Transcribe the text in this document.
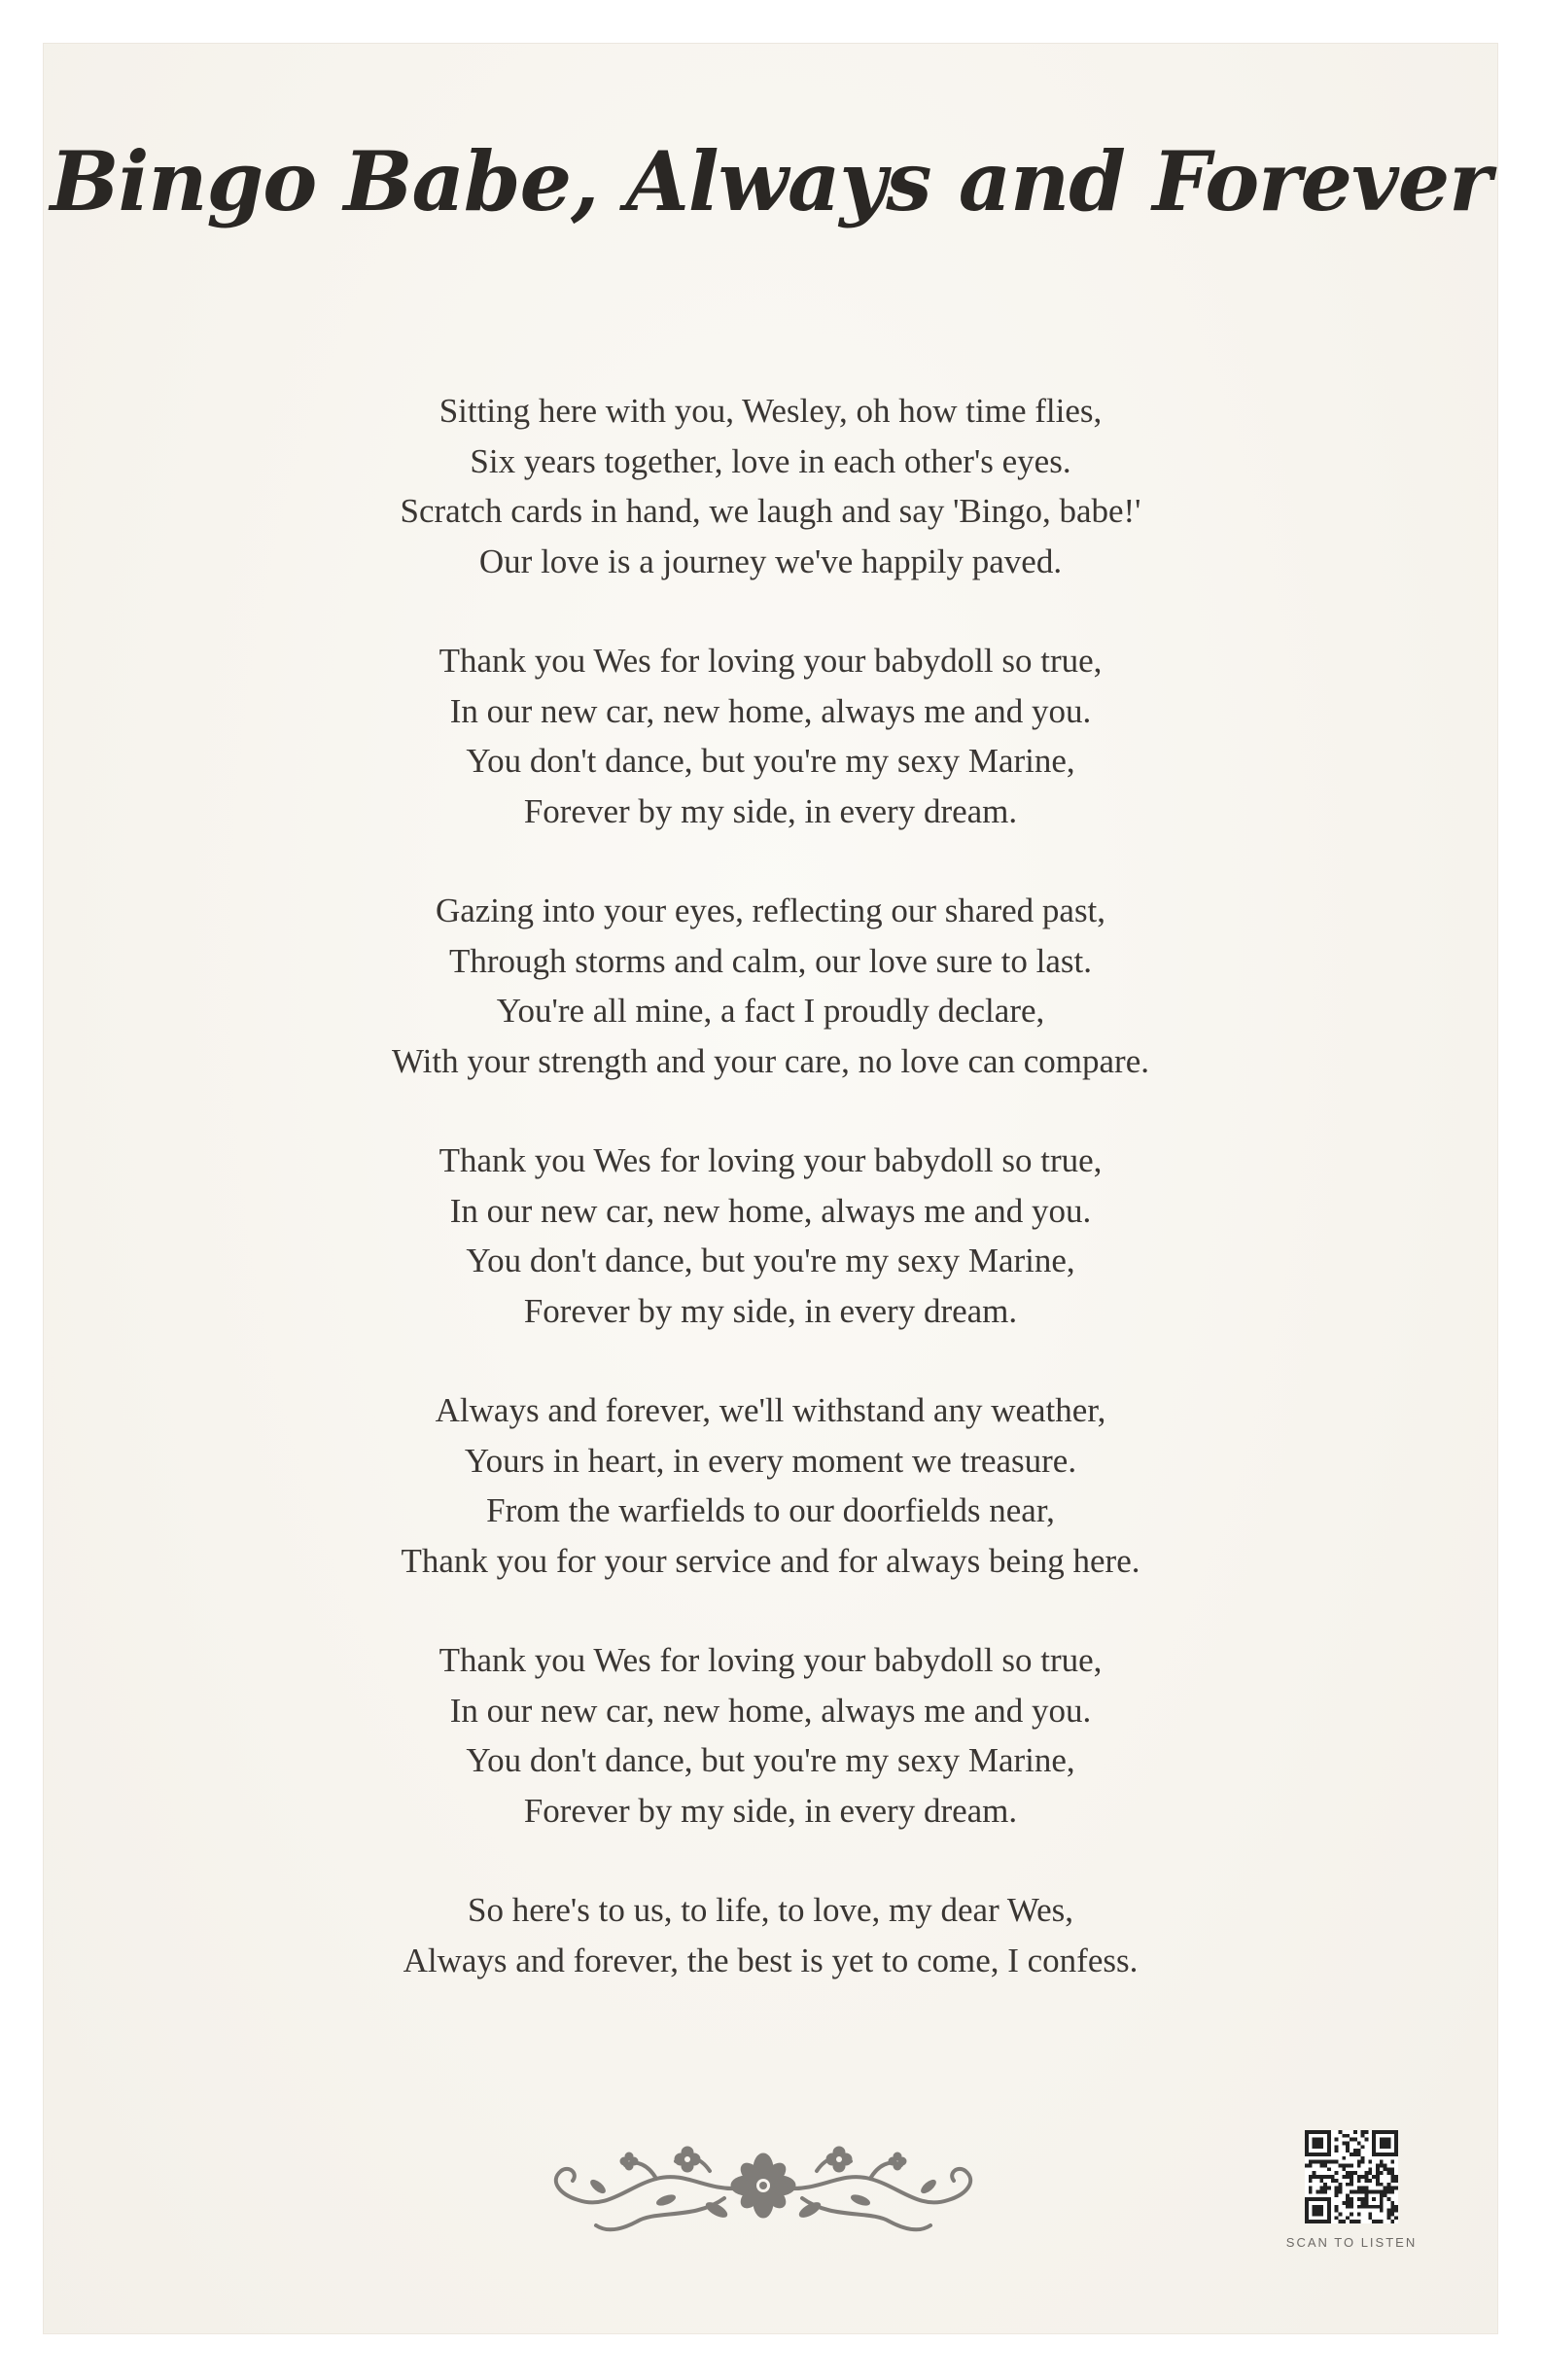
Bingo Babe, Always and Forever
Sitting here with you, Wesley, oh how time flies,
Six years together, love in each other's eyes.
Scratch cards in hand, we laugh and say 'Bingo, babe!'
Our love is a journey we've happily paved.
Thank you Wes for loving your babydoll so true,
In our new car, new home, always me and you.
You don't dance, but you're my sexy Marine,
Forever by my side, in every dream.
Gazing into your eyes, reflecting our shared past,
Through storms and calm, our love sure to last.
You're all mine, a fact I proudly declare,
With your strength and your care, no love can compare.
Thank you Wes for loving your babydoll so true,
In our new car, new home, always me and you.
You don't dance, but you're my sexy Marine,
Forever by my side, in every dream.
Always and forever, we'll withstand any weather,
Yours in heart, in every moment we treasure.
From the warfields to our doorfields near,
Thank you for your service and for always being here.
Thank you Wes for loving your babydoll so true,
In our new car, new home, always me and you.
You don't dance, but you're my sexy Marine,
Forever by my side, in every dream.
So here's to us, to life, to love, my dear Wes,
Always and forever, the best is yet to come, I confess.
SCAN TO LISTEN
